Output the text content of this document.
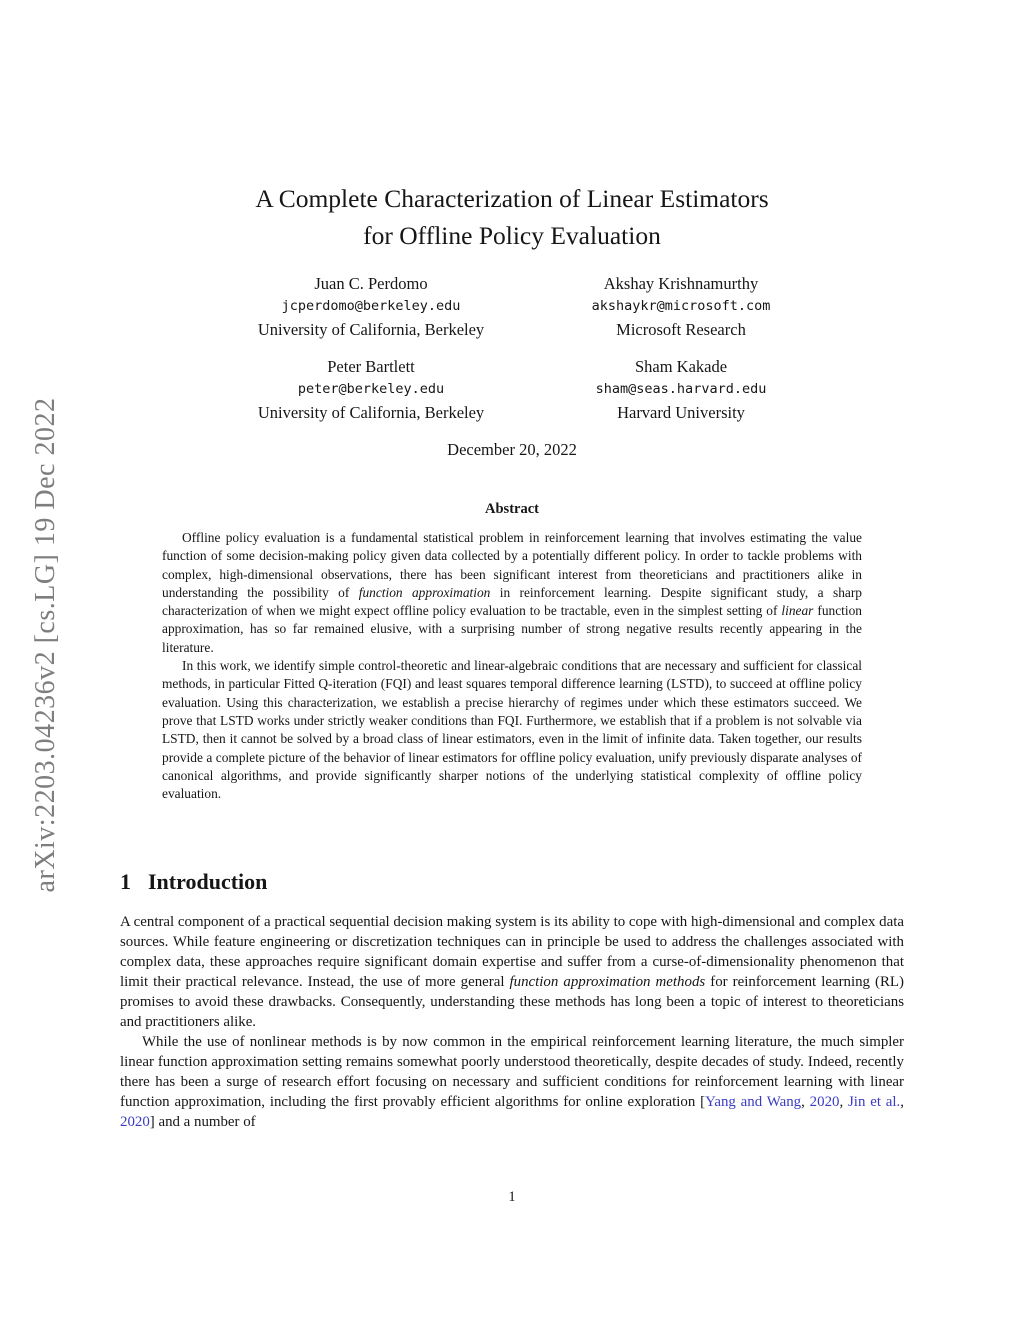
arXiv:2203.04236v2 [cs.LG] 19 Dec 2022
A Complete Characterization of Linear Estimators
for Offline Policy Evaluation
Juan C. Perdomo
jcperdomo@berkeley.edu
University of California, Berkeley
Akshay Krishnamurthy
akshaykr@microsoft.com
Microsoft Research
Peter Bartlett
peter@berkeley.edu
University of California, Berkeley
Sham Kakade
sham@seas.harvard.edu
Harvard University
December 20, 2022
Abstract

Offline policy evaluation is a fundamental statistical problem in reinforcement learning that involves estimating the value function of some decision-making policy given data collected by a potentially different policy. In order to tackle problems with complex, high-dimensional observations, there has been significant interest from theoreticians and practitioners alike in understanding the possibility of function approximation in reinforcement learning. Despite significant study, a sharp characterization of when we might expect offline policy evaluation to be tractable, even in the simplest setting of linear function approximation, has so far remained elusive, with a surprising number of strong negative results recently appearing in the literature.

In this work, we identify simple control-theoretic and linear-algebraic conditions that are necessary and sufficient for classical methods, in particular Fitted Q-iteration (FQI) and least squares temporal difference learning (LSTD), to succeed at offline policy evaluation. Using this characterization, we establish a precise hierarchy of regimes under which these estimators succeed. We prove that LSTD works under strictly weaker conditions than FQI. Furthermore, we establish that if a problem is not solvable via LSTD, then it cannot be solved by a broad class of linear estimators, even in the limit of infinite data. Taken together, our results provide a complete picture of the behavior of linear estimators for offline policy evaluation, unify previously disparate analyses of canonical algorithms, and provide significantly sharper notions of the underlying statistical complexity of offline policy evaluation.

1 Introduction

A central component of a practical sequential decision making system is its ability to cope with high-dimensional and complex data sources. While feature engineering or discretization techniques can in principle be used to address the challenges associated with complex data, these approaches require significant domain expertise and suffer from a curse-of-dimensionality phenomenon that limit their practical relevance. Instead, the use of more general function approximation methods for reinforcement learning (RL) promises to avoid these drawbacks. Consequently, understanding these methods has long been a topic of interest to theoreticians and practitioners alike.

While the use of nonlinear methods is by now common in the empirical reinforcement learning literature, the much simpler linear function approximation setting remains somewhat poorly understood theoretically, despite decades of study. Indeed, recently there has been a surge of research effort focusing on necessary and sufficient conditions for reinforcement learning with linear function approximation, including the first provably efficient algorithms for online exploration [Yang and Wang, 2020, Jin et al., 2020] and a number of

1
